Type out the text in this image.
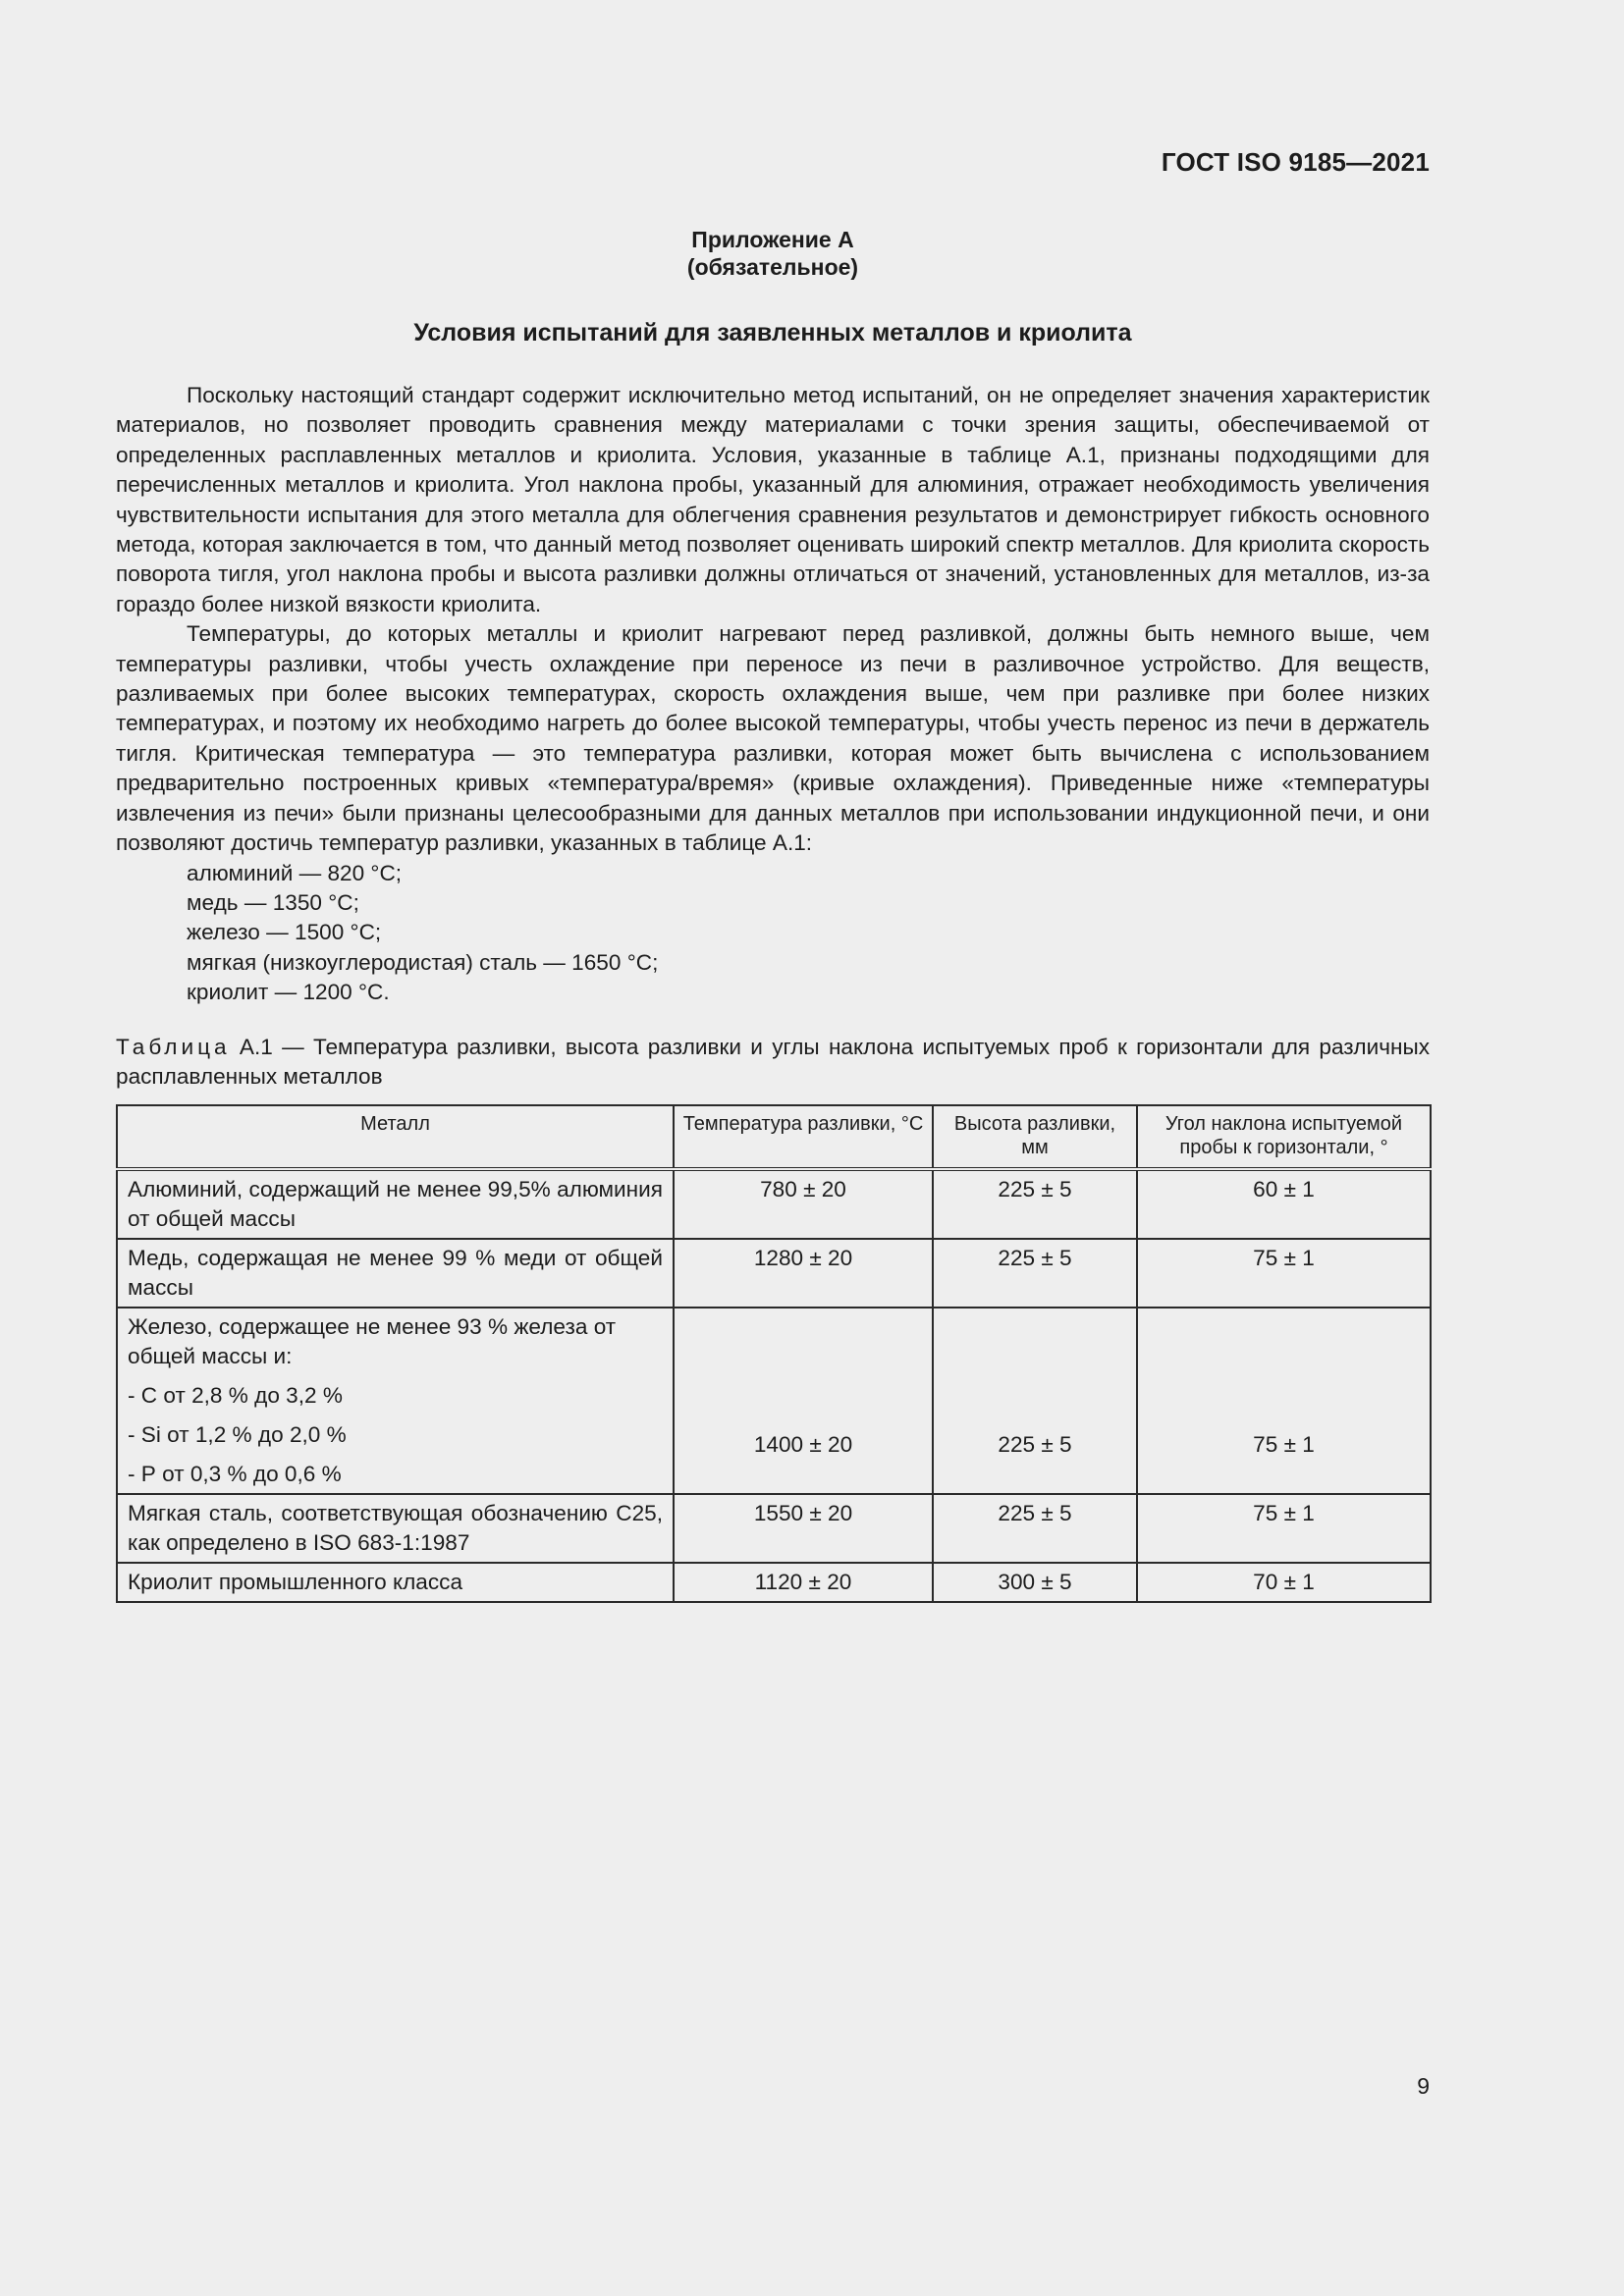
ГОСТ ISO 9185—2021
Приложение А
(обязательное)
Условия испытаний для заявленных металлов и криолита

Поскольку настоящий стандарт содержит исключительно метод испытаний, он не определяет значения характеристик материалов, но позволяет проводить сравнения между материалами с точки зрения защиты, обеспечиваемой от определенных расплавленных металлов и криолита. Условия, указанные в таблице А.1, признаны подходящими для перечисленных металлов и криолита. Угол наклона пробы, указанный для алюминия, отражает необходимость увеличения чувствительности испытания для этого металла для облегчения сравнения результатов и демонстрирует гибкость основного метода, которая заключается в том, что данный метод позволяет оценивать широкий спектр металлов. Для криолита скорость поворота тигля, угол наклона пробы и высота разливки должны отличаться от значений, установленных для металлов, из-за гораздо более низкой вязкости криолита.

Температуры, до которых металлы и криолит нагревают перед разливкой, должны быть немного выше, чем температуры разливки, чтобы учесть охлаждение при переносе из печи в разливочное устройство. Для веществ, разливаемых при более высоких температурах, скорость охлаждения выше, чем при разливке при более низких температурах, и поэтому их необходимо нагреть до более высокой температуры, чтобы учесть перенос из печи в держатель тигля. Критическая температура — это температура разливки, которая может быть вычислена с использованием предварительно построенных кривых «температура/время» (кривые охлаждения). Приведенные ниже «температуры извлечения из печи» были признаны целесообразными для данных металлов при использовании индукционной печи, и они позволяют достичь температур разливки, указанных в таблице А.1:

алюминий — 820 °С;
медь — 1350 °С;
железо — 1500 °С;
мягкая (низкоуглеродистая) сталь — 1650 °С;
криолит — 1200 °С.
Таблица А.1 — Температура разливки, высота разливки и углы наклона испытуемых проб к горизонтали для различных расплавленных металлов
Металл	Температура разливки, °С	Высота разливки, мм	Угол наклона испытуемой пробы к горизонтали, °
Алюминий, содержащий не менее 99,5% алюминия от общей массы	780 ± 20	225 ± 5	60 ± 1
Медь, содержащая не менее 99 % меди от общей массы	1280 ± 20	225 ± 5	75 ± 1

Железо, содержащее не менее 93 % железа от общей массы и:
- С от 2,8 % до 3,2 %
- Si от 1,2 % до 2,0 %
- Р от 0,3 % до 0,6 %	1400 ± 20	225 ± 5	75 ± 1
Мягкая сталь, соответствующая обозначению С25, как определено в ISO 683-1:1987	1550 ± 20	225 ± 5	75 ± 1
Криолит промышленного класса	1120 ± 20	300 ± 5	70 ± 1
9
